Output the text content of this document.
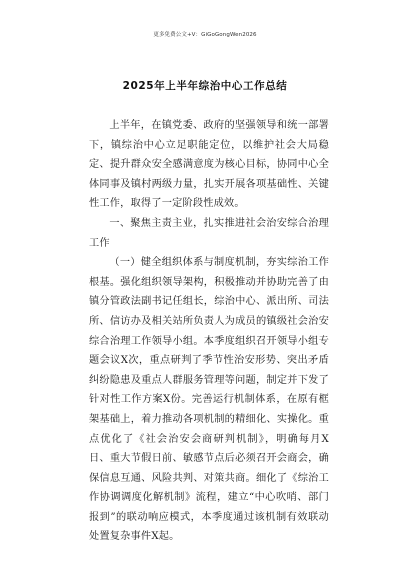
更多免费公文+V：GiGoGongWen2026
2025年上半年综治中心工作总结

上半年，在镇党委、政府的坚强领导和统一部署下，镇综治中心立足职能定位，以维护社会大局稳定、提升群众安全感满意度为核心目标，协同中心全体同事及镇村两级力量，扎实开展各项基础性、关键性工作，取得了一定阶段性成效。

一、聚焦主责主业，扎实推进社会治安综合治理工作

（一）健全组织体系与制度机制，夯实综治工作根基。强化组织领导架构，积极推动并协助完善了由镇分管政法副书记任组长，综治中心、派出所、司法所、信访办及相关站所负责人为成员的镇级社会治安综合治理工作领导小组。本季度组织召开领导小组专题会议X次，重点研判了季节性治安形势、突出矛盾纠纷隐患及重点人群服务管理等问题，制定并下发了针对性工作方案X份。完善运行机制体系，在原有框架基础上，着力推动各项机制的精细化、实操化。重点优化了《社会治安会商研判机制》，明确每月X日、重大节假日前、敏感节点后必须召开会商会，确保信息互通、风险共判、对策共商。细化了《综治工作协调调度化解机制》流程，建立“中心吹哨、部门报到”的联动响应模式，本季度通过该机制有效联动处置复杂事件X起。
